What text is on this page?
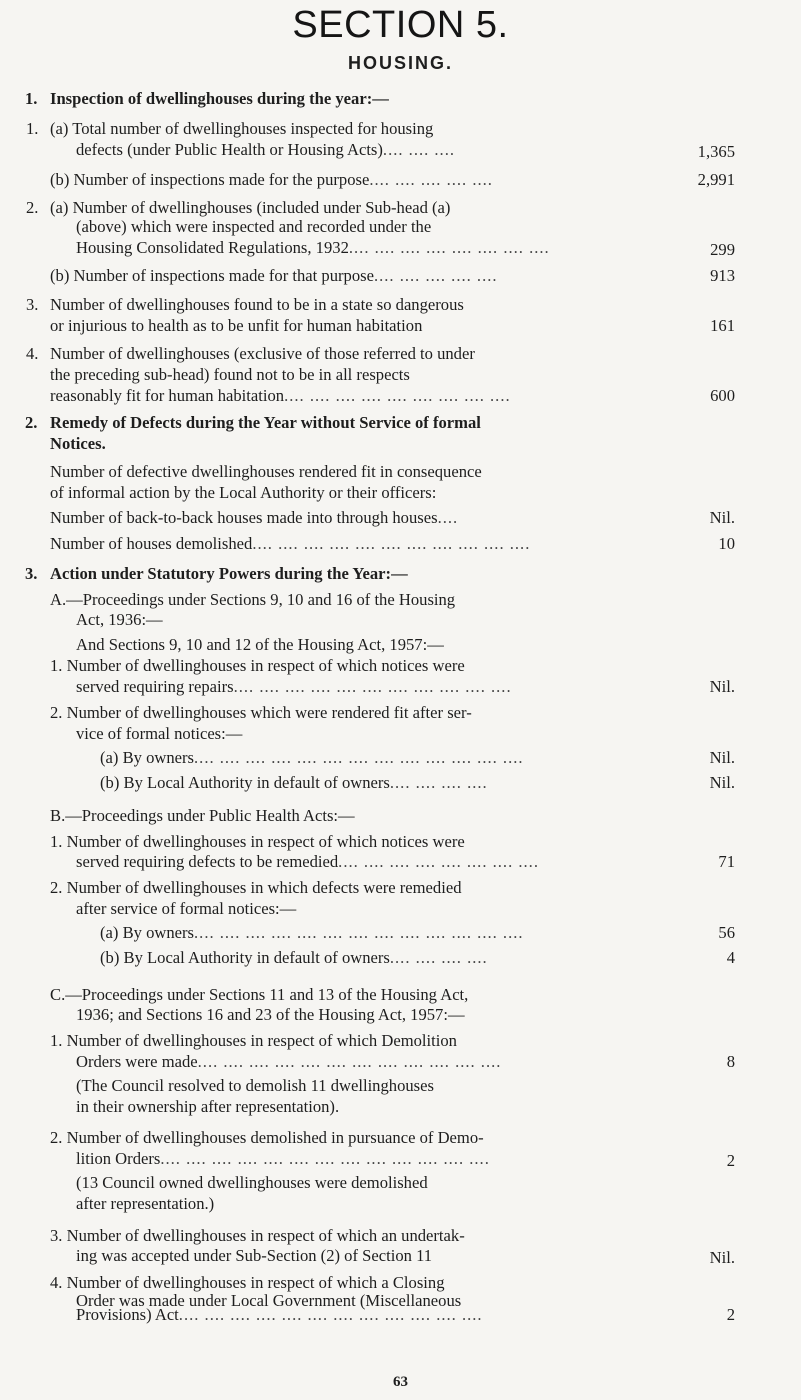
SECTION 5.
HOUSING.
1. Inspection of dwellinghouses during the year:—
1. (a) Total number of dwellinghouses inspected for housing
defects (under Public Health or Housing Acts).... .... ....	1,365
(b) Number of inspections made for the purpose.... .... .... .... ....	2,991
2. (a) Number of dwellinghouses (included under Sub-head (a)
(above) which were inspected and recorded under the
Housing Consolidated Regulations, 1932.... .... .... .... .... .... .... ....	299
(b) Number of inspections made for that purpose.... .... .... .... ....	913
3. Number of dwellinghouses found to be in a state so dangerous
or injurious to health as to be unfit for human habitation	161
4. Number of dwellinghouses (exclusive of those referred to under
the preceding sub-head) found not to be in all respects
reasonably fit for human habitation.... .... .... .... .... .... .... .... ....	600
2. Remedy of Defects during the Year without Service of formal
Notices.
Number of defective dwellinghouses rendered fit in consequence
of informal action by the Local Authority or their officers:
Number of back-to-back houses made into through houses....	Nil.
Number of houses demolished.... .... .... .... .... .... .... .... .... .... ....	10
3. Action under Statutory Powers during the Year:—
A.—Proceedings under Sections 9, 10 and 16 of the Housing
Act, 1936:—
And Sections 9, 10 and 12 of the Housing Act, 1957:—
1. Number of dwellinghouses in respect of which notices were
served requiring repairs.... .... .... .... .... .... .... .... .... .... ....	Nil.
2. Number of dwellinghouses which were rendered fit after ser-
vice of formal notices:—
(a) By owners.... .... .... .... .... .... .... .... .... .... .... .... ....	Nil.
(b) By Local Authority in default of owners.... .... .... ....	Nil.
B.—Proceedings under Public Health Acts:—
1. Number of dwellinghouses in respect of which notices were
served requiring defects to be remedied.... .... .... .... .... .... .... ....	71
2. Number of dwellinghouses in which defects were remedied
after service of formal notices:—
(a) By owners.... .... .... .... .... .... .... .... .... .... .... .... ....	56
(b) By Local Authority in default of owners.... .... .... ....	4
C.—Proceedings under Sections 11 and 13 of the Housing Act,
1936; and Sections 16 and 23 of the Housing Act, 1957:—
1. Number of dwellinghouses in respect of which Demolition
Orders were made.... .... .... .... .... .... .... .... .... .... .... ....	8
(The Council resolved to demolish 11 dwellinghouses
in their ownership after representation).
2. Number of dwellinghouses demolished in pursuance of Demo-
lition Orders.... .... .... .... .... .... .... .... .... .... .... .... ....	2
(13 Council owned dwellinghouses were demolished
after representation.)
3. Number of dwellinghouses in respect of which an undertak-
ing was accepted under Sub-Section (2) of Section 11	Nil.
4. Number of dwellinghouses in respect of which a Closing
Order was made under Local Government (Miscellaneous
Provisions) Act.... .... .... .... .... .... .... .... .... .... .... ....	2
63
